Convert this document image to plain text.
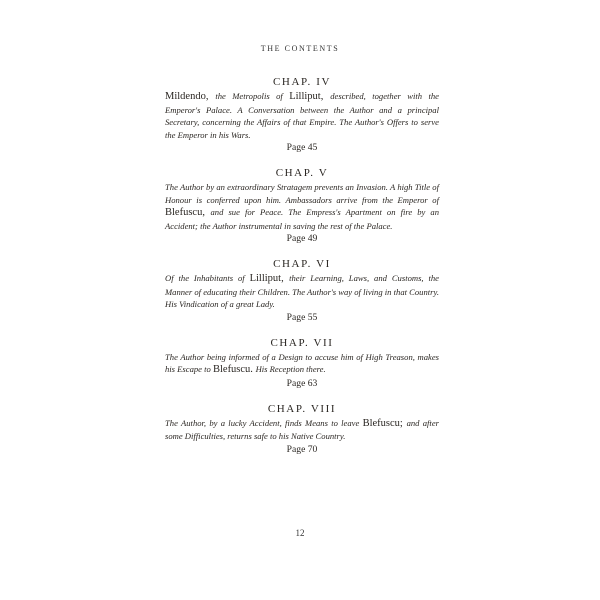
THE CONTENTS
CHAP. IV
Mildendo, the Metropolis of Lilliput, described, together with the Emperor's Palace. A Conversation between the Author and a principal Secretary, concerning the Affairs of that Empire. The Author's Offers to serve the Emperor in his Wars.
Page 45
CHAP. V
The Author by an extraordinary Stratagem prevents an Invasion. A high Title of Honour is conferred upon him. Ambassadors arrive from the Emperor of Blefuscu, and sue for Peace. The Empress's Apartment on fire by an Accident; the Author instrumental in saving the rest of the Palace.
Page 49
CHAP. VI
Of the Inhabitants of Lilliput, their Learning, Laws, and Customs, the Manner of educating their Children. The Author's way of living in that Country. His Vindication of a great Lady.
Page 55
CHAP. VII
The Author being informed of a Design to accuse him of High Treason, makes his Escape to Blefuscu. His Reception there.
Page 63
CHAP. VIII
The Author, by a lucky Accident, finds Means to leave Blefuscu; and after some Difficulties, returns safe to his Native Country.
Page 70
12
